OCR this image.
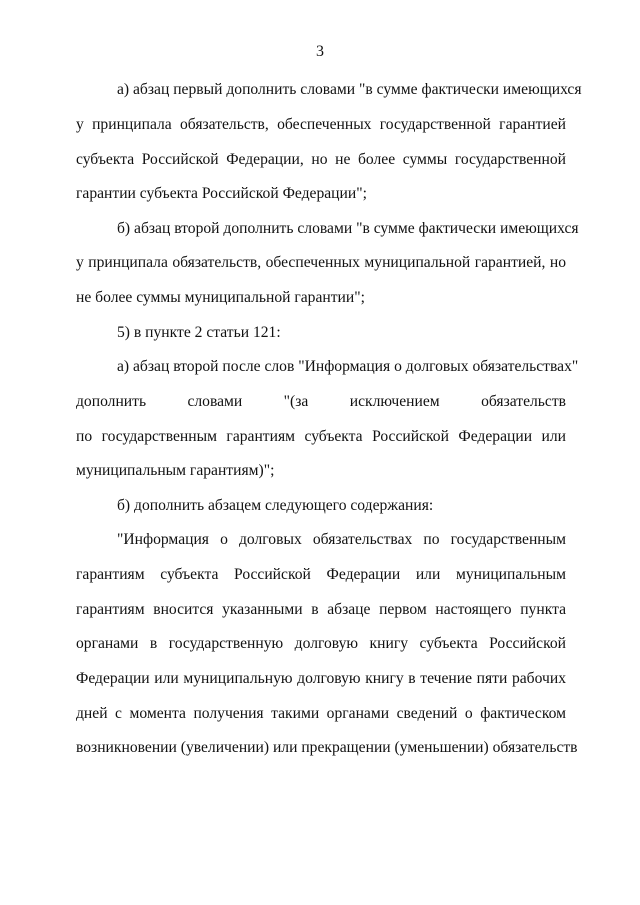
3
а) абзац первый дополнить словами "в сумме фактически имеющихся
у принципала обязательств, обеспеченных государственной гарантией
субъекта Российской Федерации, но не более суммы государственной
гарантии субъекта Российской Федерации";
б) абзац второй дополнить словами "в сумме фактически имеющихся
у принципала обязательств, обеспеченных муниципальной гарантией, но
не более суммы муниципальной гарантии";
5) в пункте 2 статьи 121:
а) абзац второй после слов "Информация о долговых обязательствах"
дополнить словами "(за исключением обязательств
по государственным гарантиям субъекта Российской Федерации или
муниципальным гарантиям)";
б) дополнить абзацем следующего содержания:
"Информация о долговых обязательствах по государственным
гарантиям субъекта Российской Федерации или муниципальным
гарантиям вносится указанными в абзаце первом настоящего пункта
органами в государственную долговую книгу субъекта Российской
Федерации или муниципальную долговую книгу в течение пяти рабочих
дней с момента получения такими органами сведений о фактическом
возникновении (увеличении) или прекращении (уменьшении) обязательств
